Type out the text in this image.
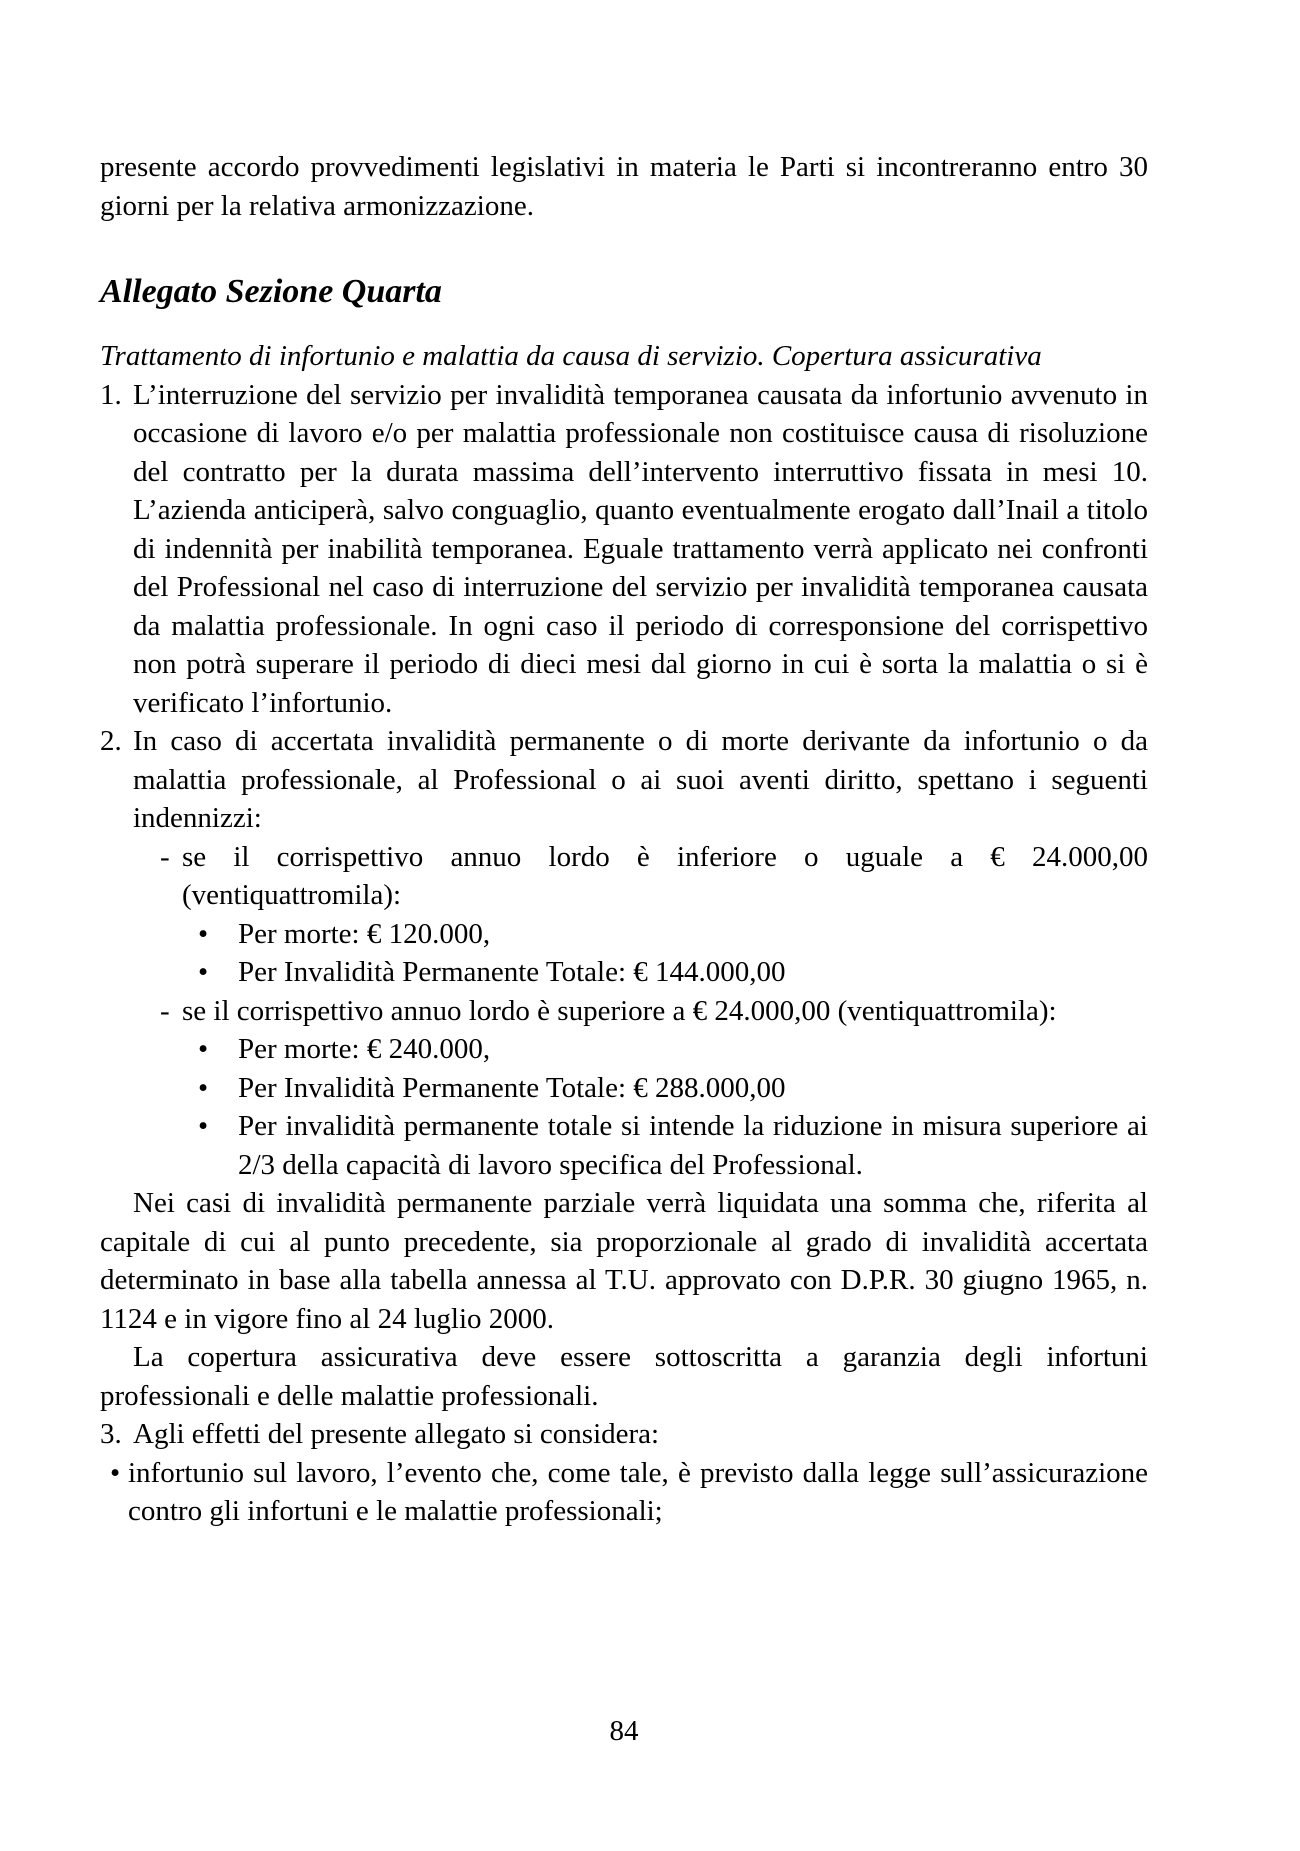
presente accordo provvedimenti legislativi in materia le Parti si incontreranno entro 30 giorni per la relativa armonizzazione.

Allegato Sezione Quarta

Trattamento di infortunio e malattia da causa di servizio. Copertura assicurativa

1. L’interruzione del servizio per invalidità temporanea causata da infortunio avvenuto in occasione di lavoro e/o per malattia professionale non costituisce causa di risoluzione del contratto per la durata massima dell’intervento interruttivo fissata in mesi 10. L’azienda anticiperà, salvo conguaglio, quanto eventualmente erogato dall’Inail a titolo di indennità per inabilità temporanea. Eguale trattamento verrà applicato nei confronti del Professional nel caso di interruzione del servizio per invalidità temporanea causata da malattia professionale. In ogni caso il periodo di corresponsione del corrispettivo non potrà superare il periodo di dieci mesi dal giorno in cui è sorta la malattia o si è verificato l’infortunio.
2. In caso di accertata invalidità permanente o di morte derivante da infortunio o da malattia professionale, al Professional o ai suoi aventi diritto, spettano i seguenti indennizzi:
- se il corrispettivo annuo lordo è inferiore o uguale a € 24.000,00 (ventiquattromila):
• Per morte: € 120.000,
• Per Invalidità Permanente Totale: € 144.000,00
- se il corrispettivo annuo lordo è superiore a € 24.000,00 (ventiquattromila):
• Per morte: € 240.000,
• Per Invalidità Permanente Totale: € 288.000,00
• Per invalidità permanente totale si intende la riduzione in misura superiore ai 2/3 della capacità di lavoro specifica del Professional.

Nei casi di invalidità permanente parziale verrà liquidata una somma che, riferita al capitale di cui al punto precedente, sia proporzionale al grado di invalidità accertata determinato in base alla tabella annessa al T.U. approvato con D.P.R. 30 giugno 1965, n. 1124 e in vigore fino al 24 luglio 2000.

La copertura assicurativa deve essere sottoscritta a garanzia degli infortuni professionali e delle malattie professionali.

3. Agli effetti del presente allegato si considera:
• infortunio sul lavoro, l’evento che, come tale, è previsto dalla legge sull’assicurazione contro gli infortuni e le malattie professionali;
84
